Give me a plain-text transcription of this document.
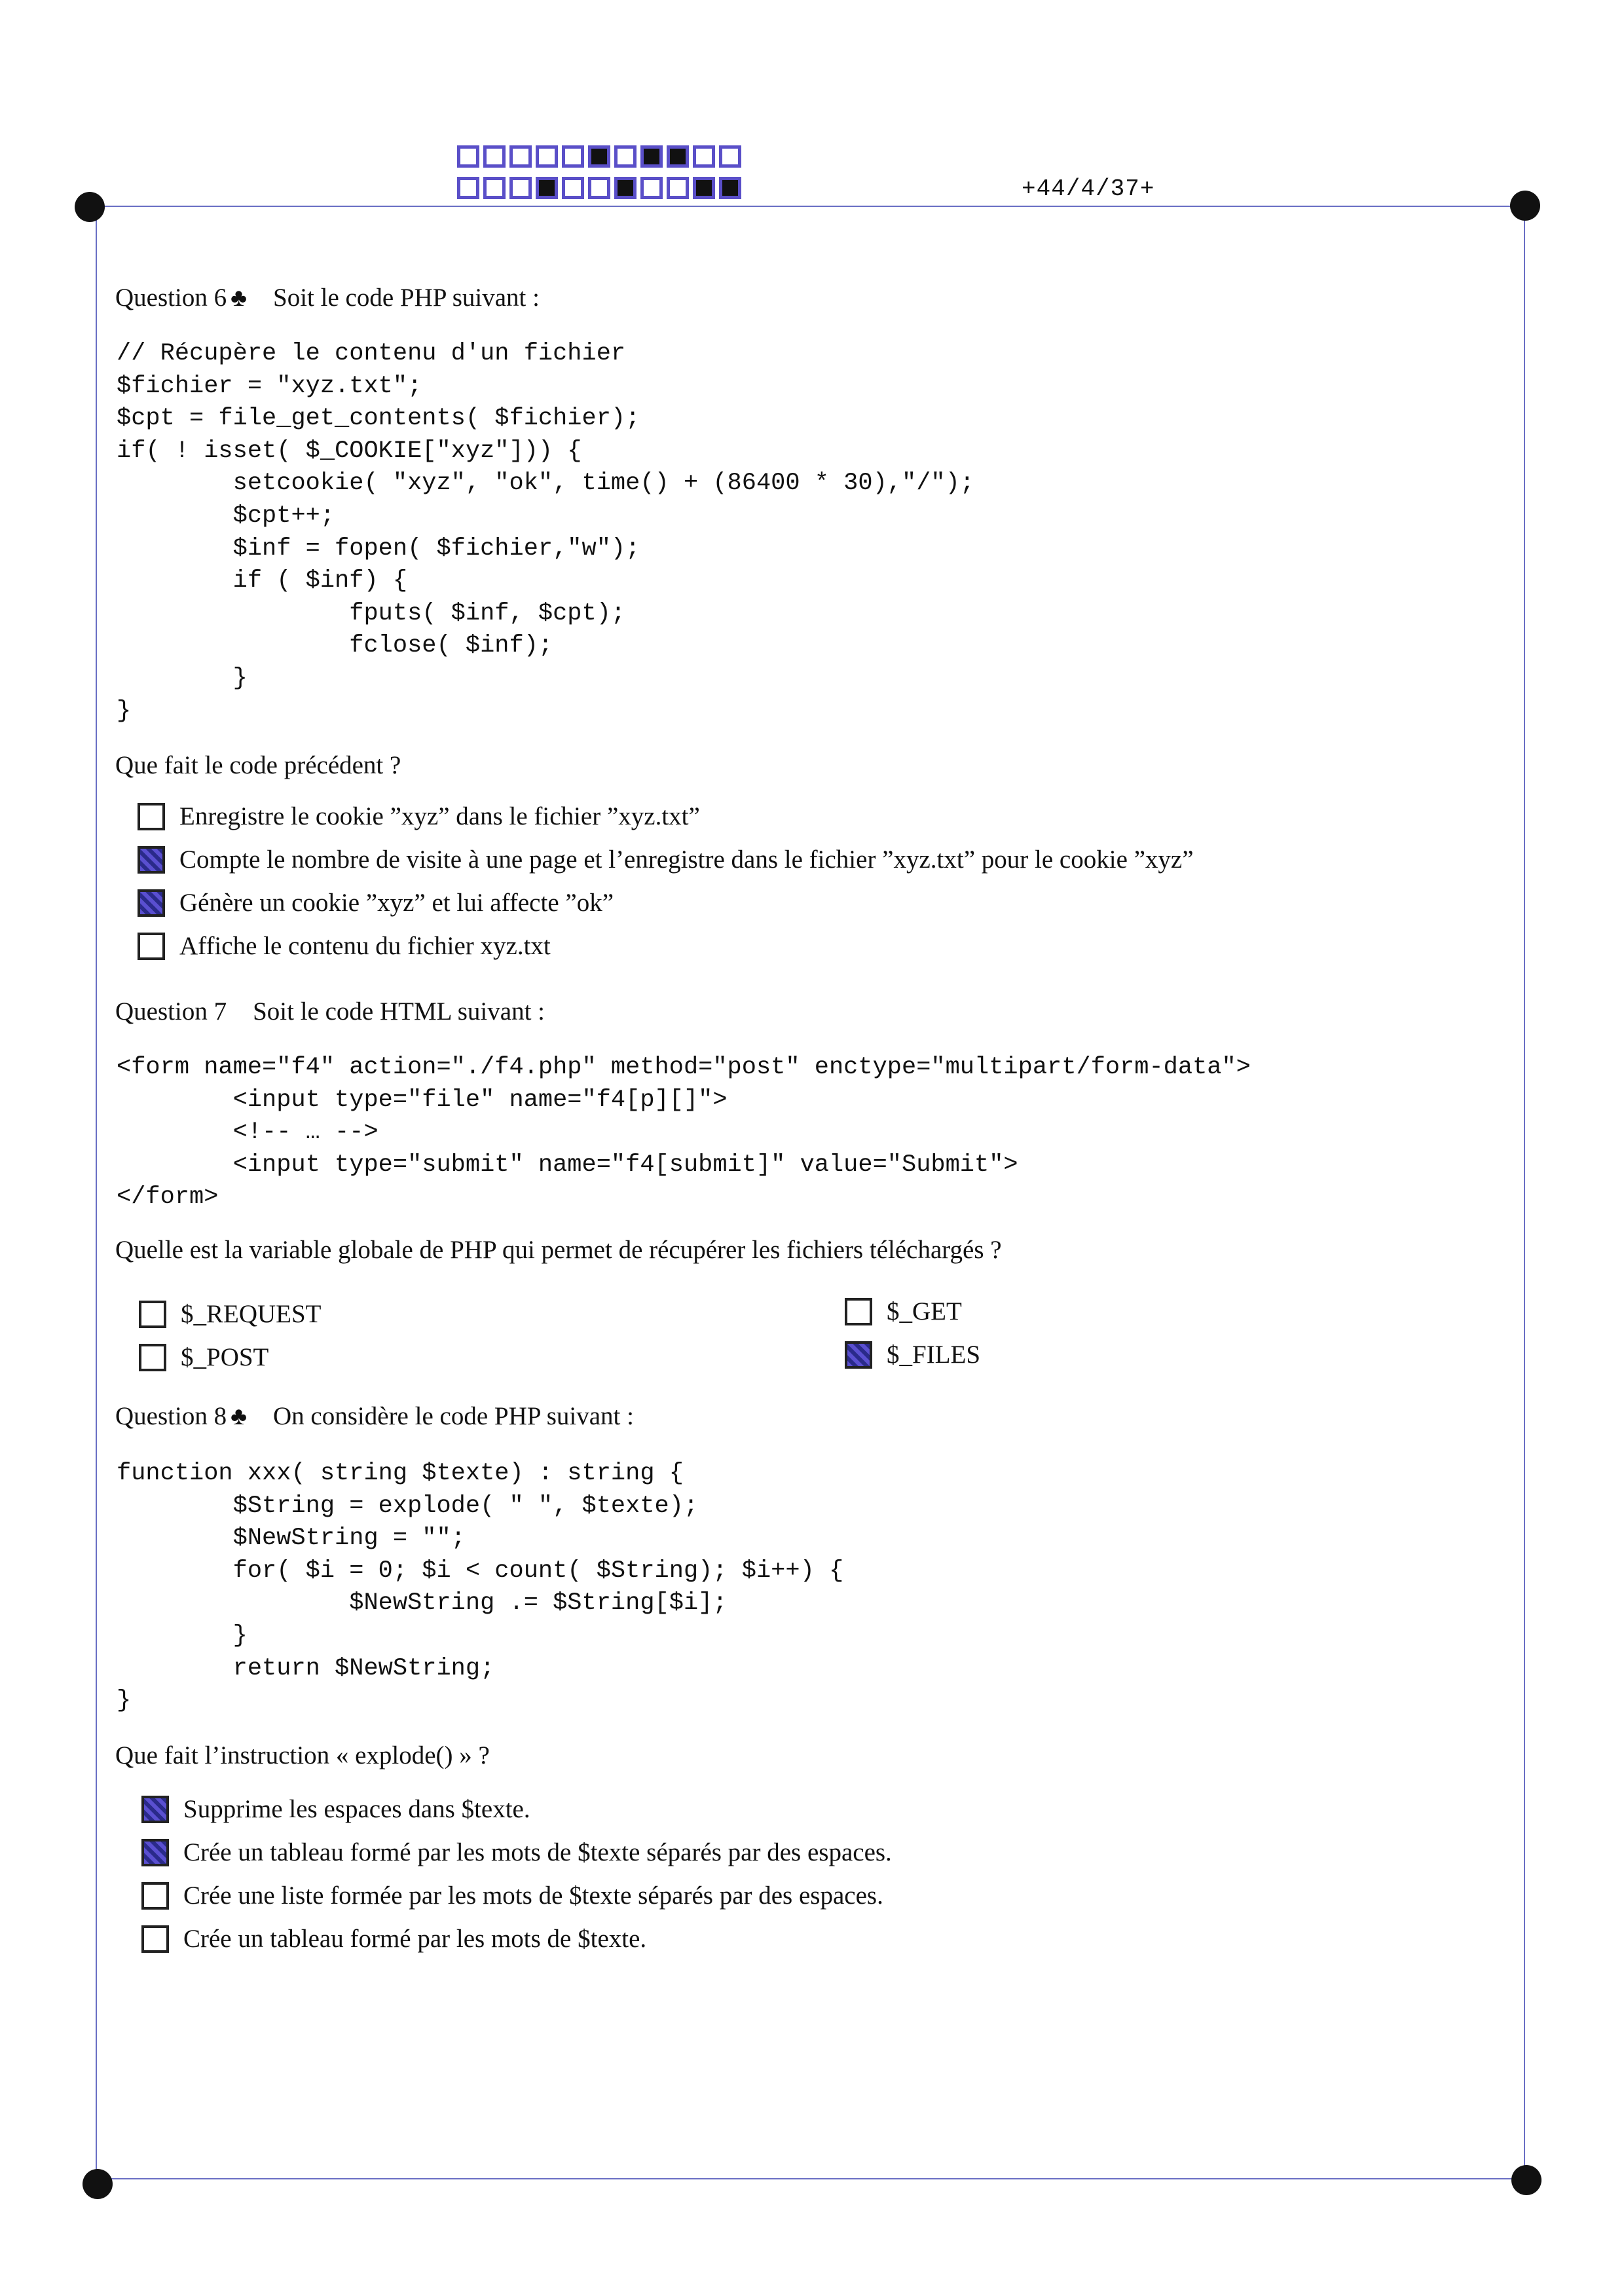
+44/4/37+
Question 6 ♣ Soit le code PHP suivant :
// Récupère le contenu d'un fichier
$fichier = "xyz.txt";
$cpt = file_get_contents( $fichier);
if( ! isset( $_COOKIE["xyz"])) {
setcookie( "xyz", "ok", time() + (86400 * 30),"/");
$cpt++;
$inf = fopen( $fichier,"w");
if ( $inf) {
fputs( $inf, $cpt);
fclose( $inf);
}
}
Que fait le code précédent ?
Enregistre le cookie ”xyz” dans le fichier ”xyz.txt”
Compte le nombre de visite à une page et l’enregistre dans le fichier ”xyz.txt” pour le cookie ”xyz”
Génère un cookie ”xyz” et lui affecte ”ok”
Affiche le contenu du fichier xyz.txt
Question 7 Soit le code HTML suivant :
<form name="f4" action="./f4.php" method="post" enctype="multipart/form-data">
<input type="file" name="f4[p][]">
<!-- … -->
<input type="submit" name="f4[submit]" value="Submit">
</form>
Quelle est la variable globale de PHP qui permet de récupérer les fichiers téléchargés ?
$_REQUEST
$_POST
$_GET
$_FILES
Question 8 ♣ On considère le code PHP suivant :
function xxx( string $texte) : string {
$String = explode( " ", $texte);
$NewString = "";
for( $i = 0; $i < count( $String); $i++) {
$NewString .= $String[$i];
}
return $NewString;
}
Que fait l’instruction « explode() » ?
Supprime les espaces dans $texte.
Crée un tableau formé par les mots de $texte séparés par des espaces.
Crée une liste formée par les mots de $texte séparés par des espaces.
Crée un tableau formé par les mots de $texte.
